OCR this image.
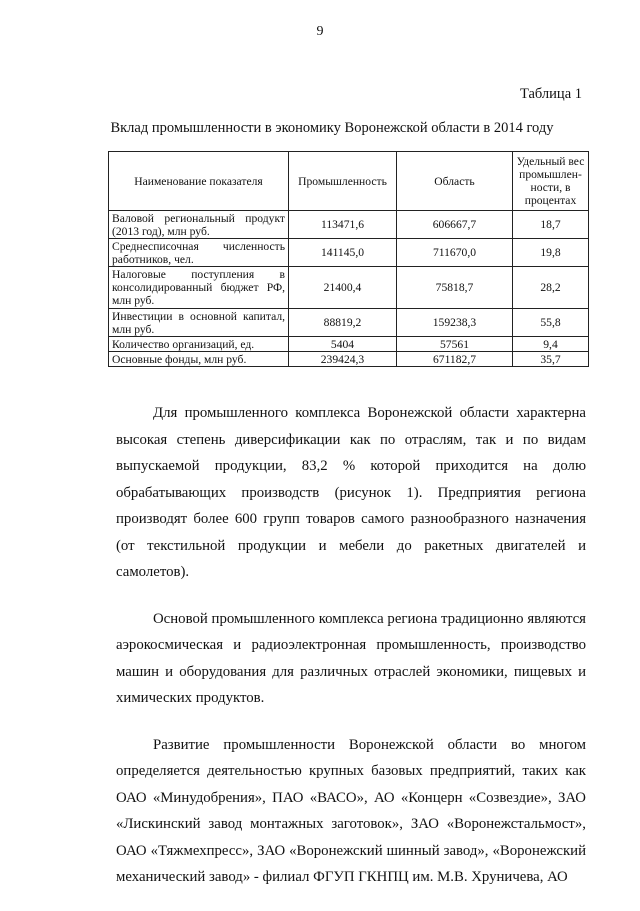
9
Таблица 1
Вклад промышленности в экономику Воронежской области в 2014 году
Наименование показателя	Промышленность	Область	Удельный вес промышлен-ности, в процентах
Валовой региональный продукт (2013 год), млн руб.	113471,6	606667,7	18,7
Среднесписочная численность работников, чел.	141145,0	711670,0	19,8
Налоговые поступления в консолидированный бюджет РФ, млн руб.	21400,4	75818,7	28,2
Инвестиции в основной капитал, млн руб.	88819,2	159238,3	55,8
Количество организаций, ед.	5404	57561	9,4
Основные фонды, млн руб.	239424,3	671182,7	35,7

Для промышленного комплекса Воронежской области характерна высокая степень диверсификации как по отраслям, так и по видам выпускаемой продукции, 83,2 % которой приходится на долю обрабатывающих производств (рисунок 1). Предприятия региона производят более 600 групп товаров самого разнообразного назначения (от текстильной продукции и мебели до ракетных двигателей и самолетов).

Основой промышленного комплекса региона традиционно являются аэрокосмическая и радиоэлектронная промышленность, производство машин и оборудования для различных отраслей экономики, пищевых и химических продуктов.

Развитие промышленности Воронежской области во многом определяется деятельностью крупных базовых предприятий, таких как ОАО «Минудобрения», ПАО «ВАСО», АО «Концерн «Созвездие», ЗАО «Лискинский завод монтажных заготовок», ЗАО «Воронежстальмост», ОАО «Тяжмехпресс», ЗАО «Воронежский шинный завод», «Воронежский механический завод» - филиал ФГУП ГКНПЦ им. М.В. Хруничева, АО
